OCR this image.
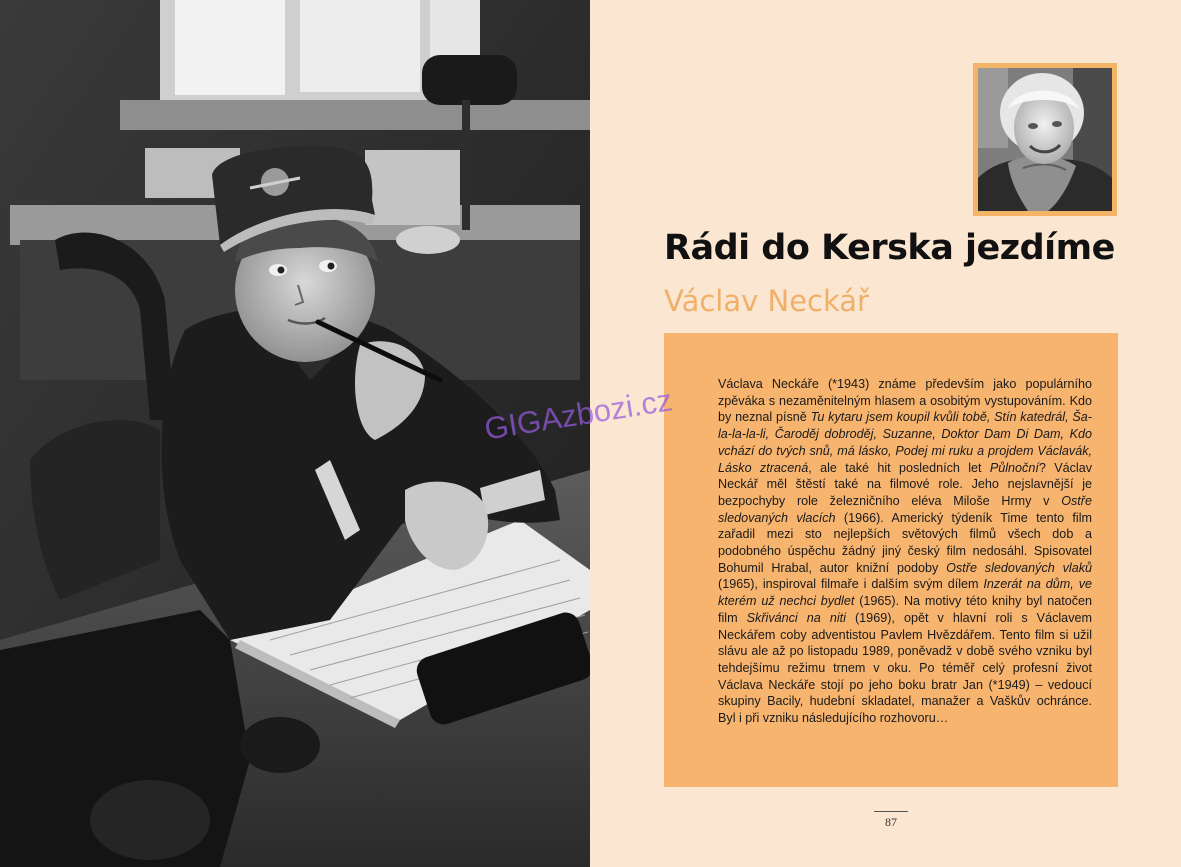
Rádi do Kerska jezdíme
Václav Neckář
Václava Neckáře (*1943) známe především jako populárního zpěváka s nezaměnitelným hlasem a osobitým vystupováním. Kdo by neznal písně Tu kytaru jsem koupil kvůli tobě, Stín katedrál, Ša-la-la-la-li, Čaroděj dobroděj, Suzanne, Doktor Dam Di Dam, Kdo vchází do tvých snů, má lásko, Podej mi ruku a projdem Václavák, Lásko ztracená, ale také hit posledních let Půlnoční? Václav Neckář měl štěstí také na filmové role. Jeho nejslavnější je bezpochyby role železničního eléva Miloše Hrmy v Ostře sledovaných vlacích (1966). Americký týdeník Time tento film zařadil mezi sto nejlepších světových filmů všech dob a podobného úspěchu žádný jiný český film nedosáhl. Spisovatel Bohumil Hrabal, autor knižní podoby Ostře sledovaných vlaků (1965), inspiroval filmaře i dalším svým dílem Inzerát na dům, ve kterém už nechci bydlet (1965). Na motivy této knihy byl natočen film Skřivánci na niti (1969), opět v hlavní roli s Václavem Neckářem coby adventistou Pavlem Hvězdářem. Tento film si užil slávu ale až po listopadu 1989, poněvadž v době svého vzniku byl tehdejšímu režimu trnem v oku. Po téměř celý profesní život Václava Neckáře stojí po jeho boku bratr Jan (*1949) – vedoucí skupiny Bacily, hudební skladatel, manažer a Vaškův ochránce. Byl i při vzniku následujícího rozhovoru…
GIGAzbozi.cz
87
